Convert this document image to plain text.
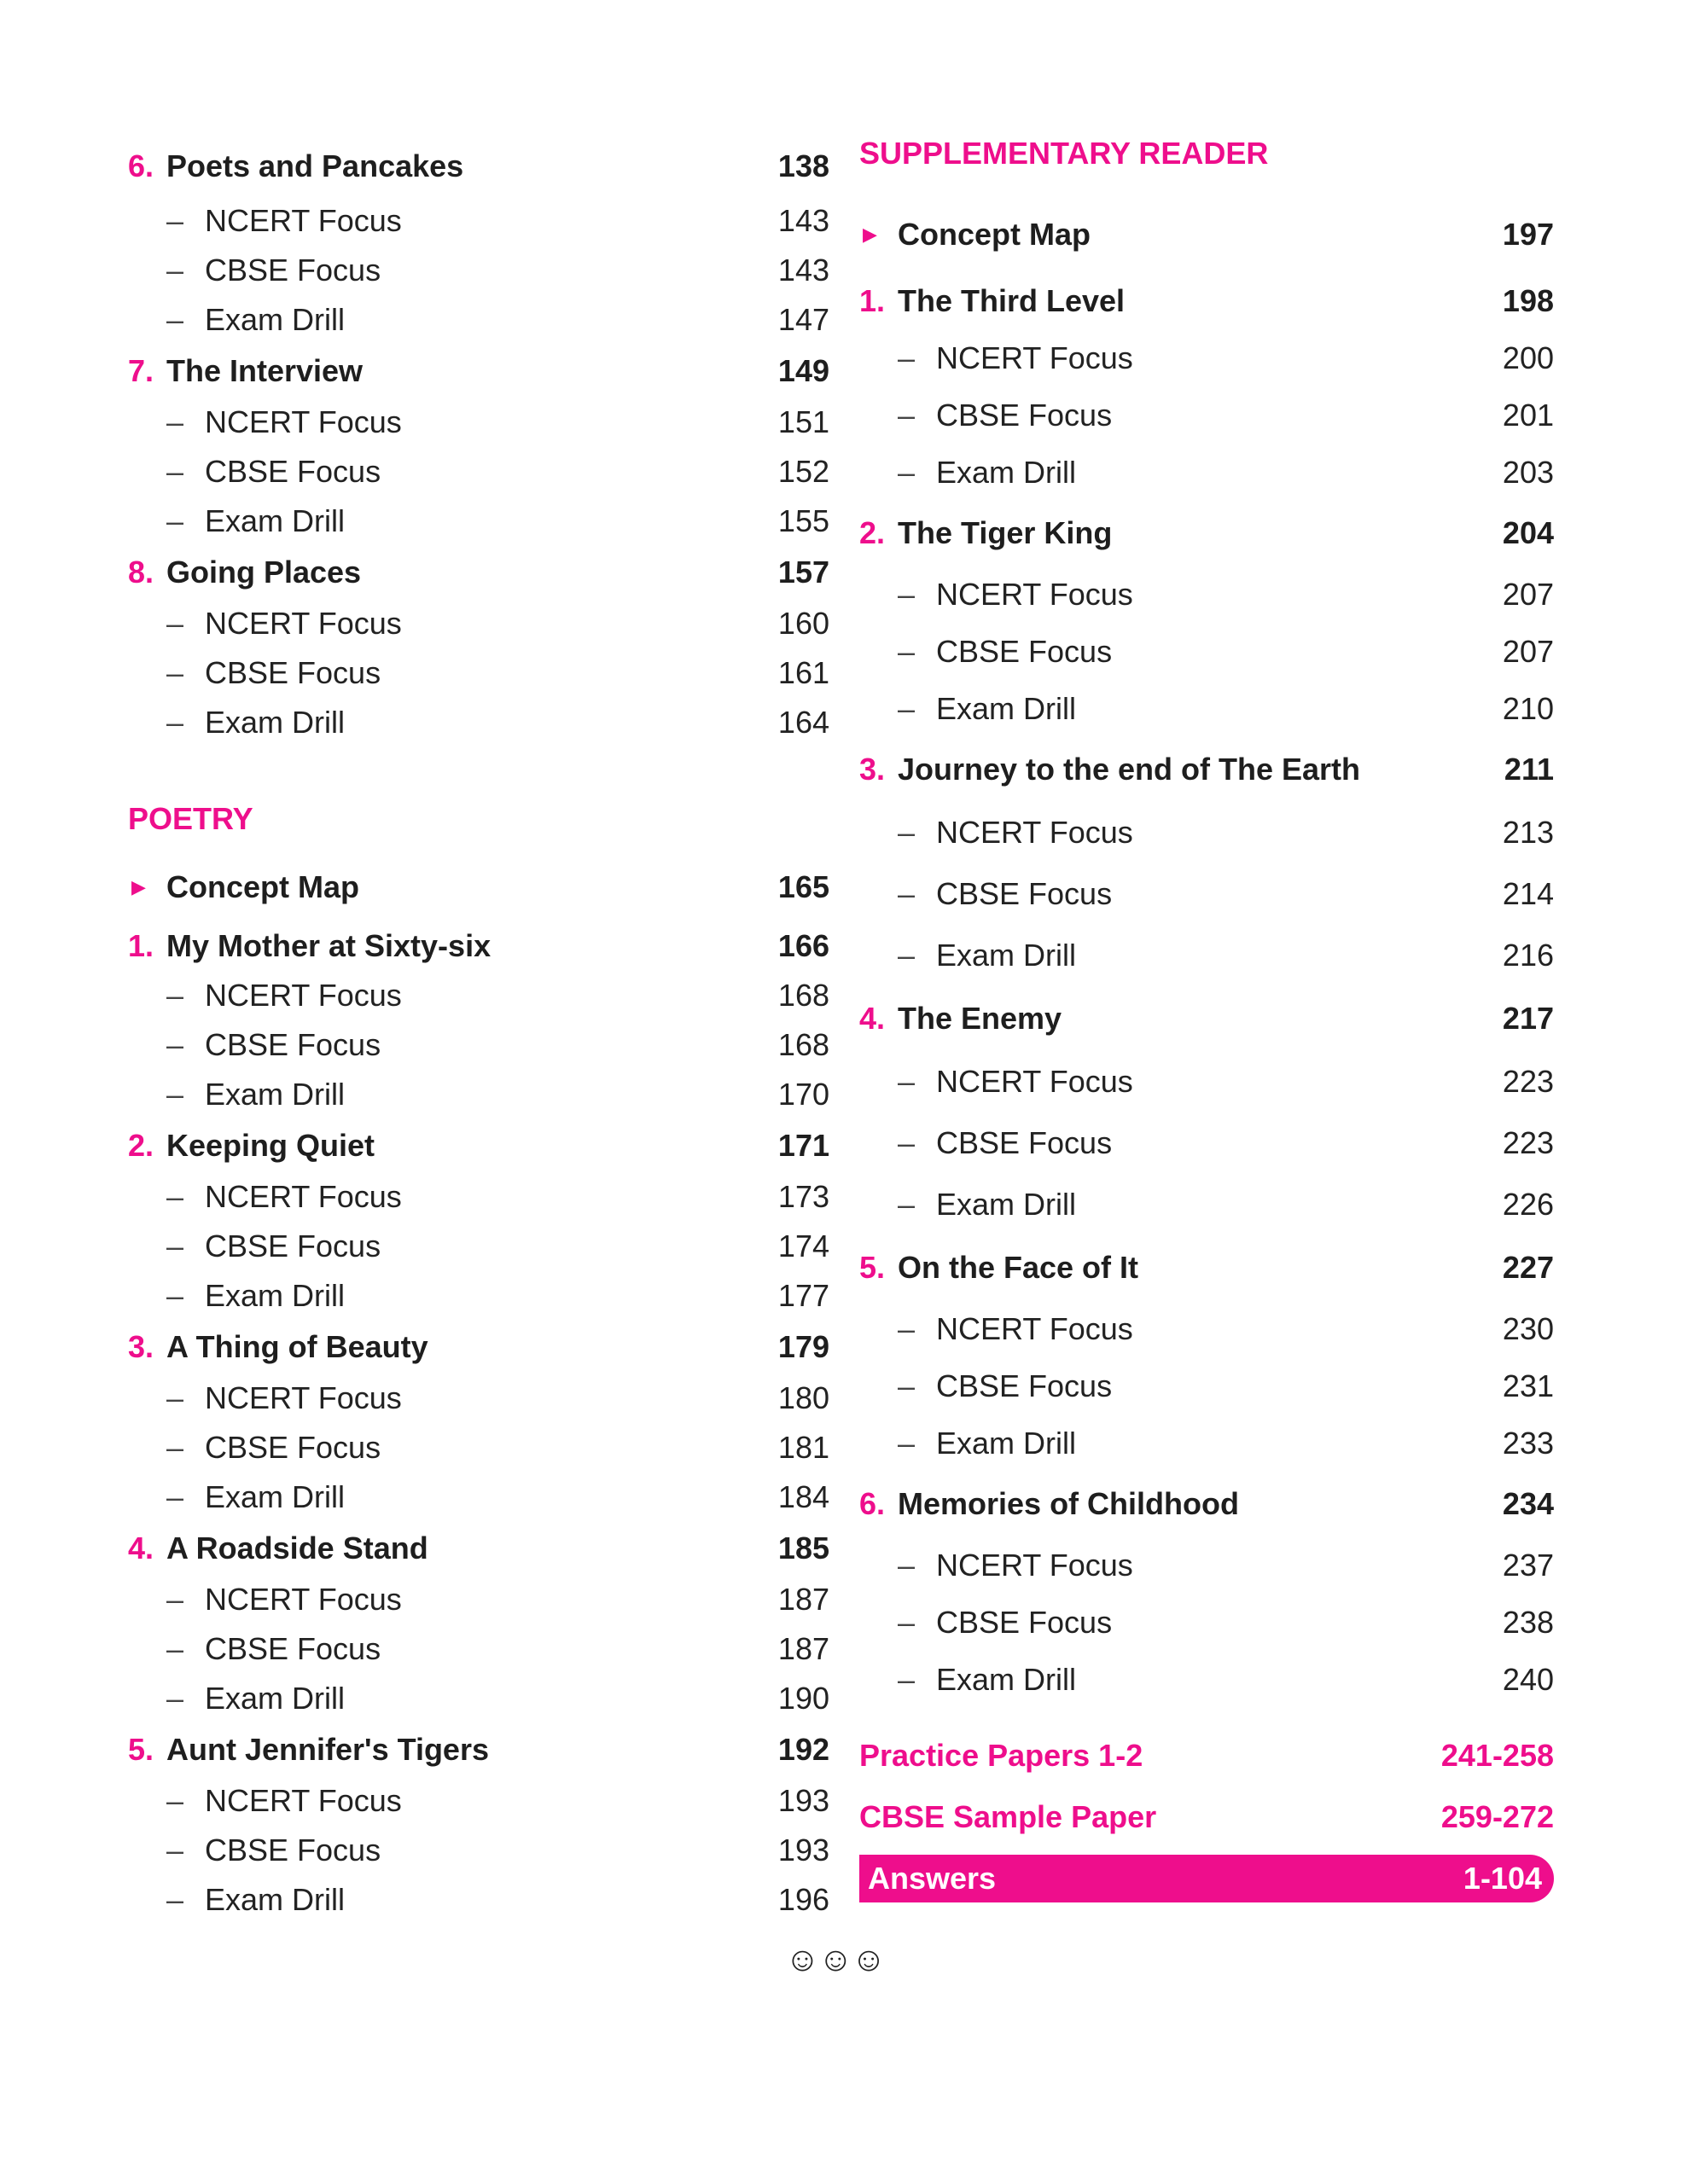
6. Poets and Pancakes	138
– NCERT Focus	143
– CBSE Focus	143
– Exam Drill	147
7. The Interview	149
– NCERT Focus	151
– CBSE Focus	152
– Exam Drill	155
8. Going Places	157
– NCERT Focus	160
– CBSE Focus	161
– Exam Drill	164
POETRY
▶ Concept Map	165
1. My Mother at Sixty-six	166
– NCERT Focus	168
– CBSE Focus	168
– Exam Drill	170
2. Keeping Quiet	171
– NCERT Focus	173
– CBSE Focus	174
– Exam Drill	177
3. A Thing of Beauty	179
– NCERT Focus	180
– CBSE Focus	181
– Exam Drill	184
4. A Roadside Stand	185
– NCERT Focus	187
– CBSE Focus	187
– Exam Drill	190
5. Aunt Jennifer's Tigers	192
– NCERT Focus	193
– CBSE Focus	193
– Exam Drill	196
SUPPLEMENTARY READER
▶ Concept Map	197
1. The Third Level	198
– NCERT Focus	200
– CBSE Focus	201
– Exam Drill	203
2. The Tiger King	204
– NCERT Focus	207
– CBSE Focus	207
– Exam Drill	210
3. Journey to the end of The Earth	211
– NCERT Focus	213
– CBSE Focus	214
– Exam Drill	216
4. The Enemy	217
– NCERT Focus	223
– CBSE Focus	223
– Exam Drill	226
5. On the Face of It	227
– NCERT Focus	230
– CBSE Focus	231
– Exam Drill	233
6. Memories of Childhood	234
– NCERT Focus	237
– CBSE Focus	238
– Exam Drill	240
Practice Papers 1-2	241-258
CBSE Sample Paper	259-272
Answers	1-104
☺☺☺
